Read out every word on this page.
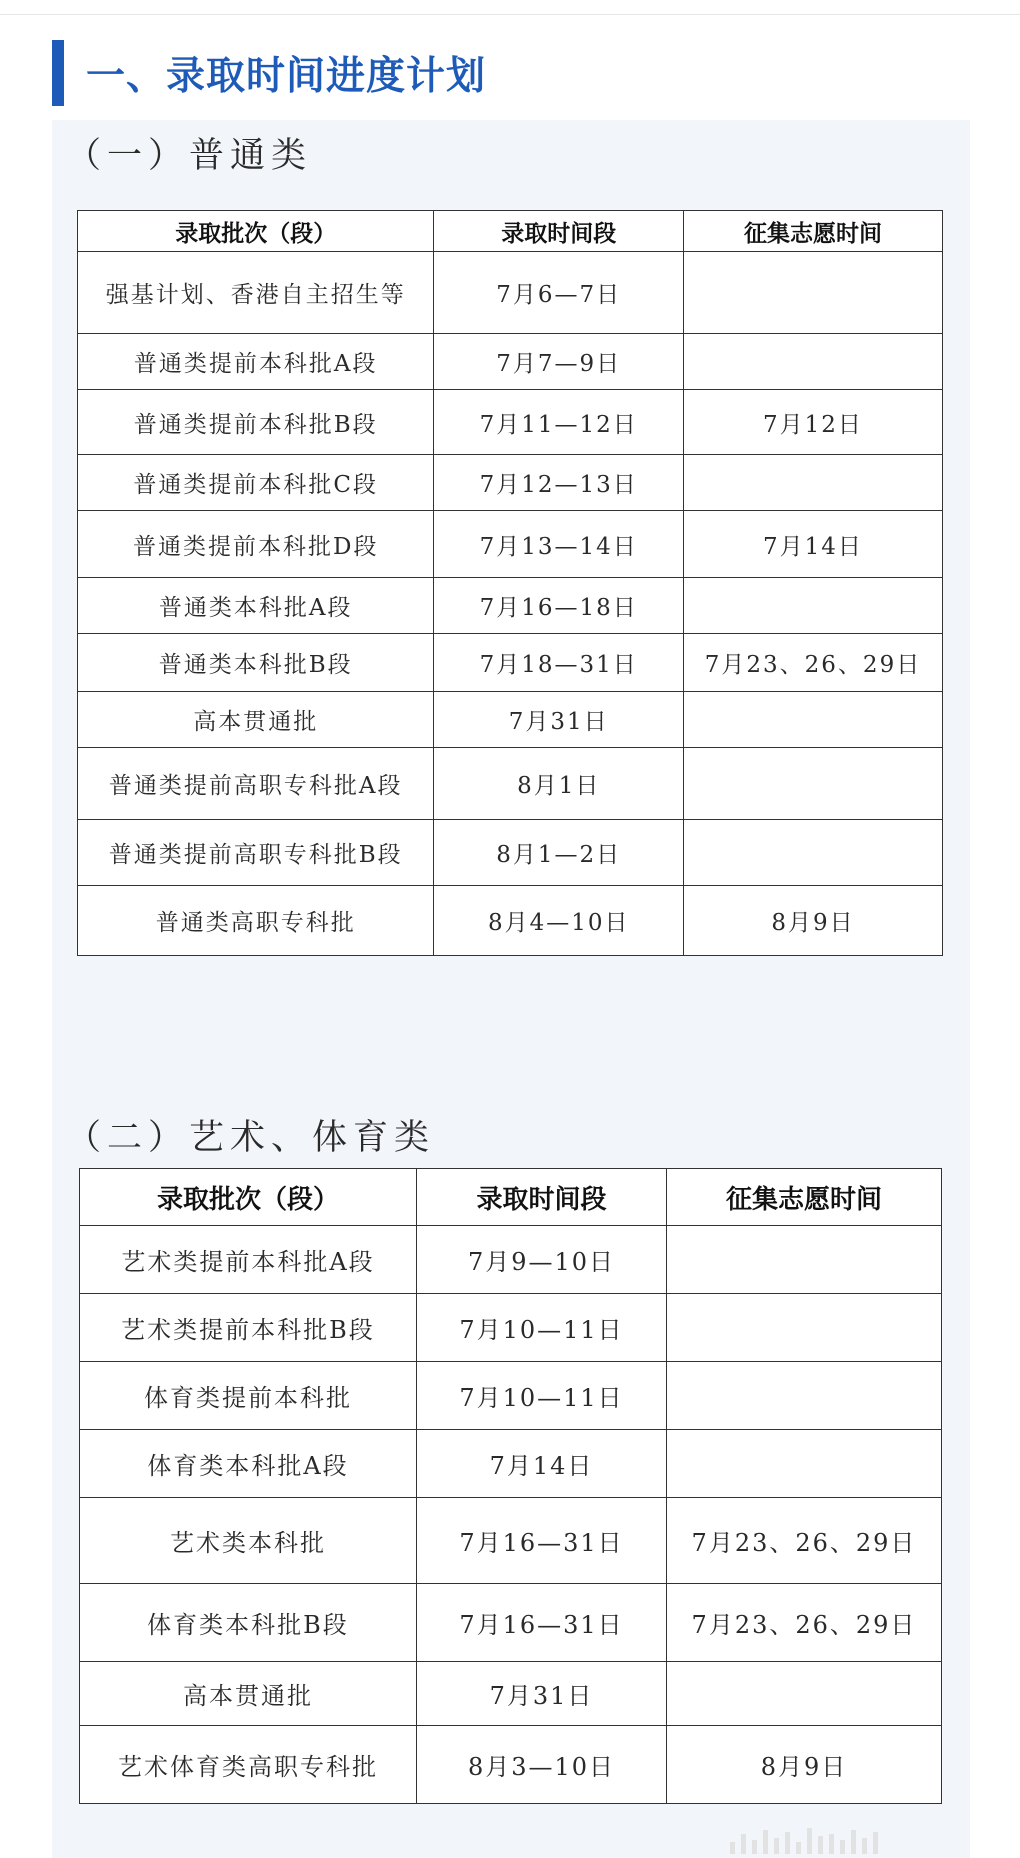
一、录取时间进度计划
（一）普通类
录取批次（段）	录取时间段	征集志愿时间
强基计划、香港自主招生等	7月6—7日	
普通类提前本科批A段	7月7—9日	
普通类提前本科批B段	7月11—12日	7月12日
普通类提前本科批C段	7月12—13日	
普通类提前本科批D段	7月13—14日	7月14日
普通类本科批A段	7月16—18日	
普通类本科批B段	7月18—31日	7月23、26、29日
高本贯通批	7月31日	
普通类提前高职专科批A段	8月1日	
普通类提前高职专科批B段	8月1—2日	
普通类高职专科批	8月4—10日	8月9日
（二）艺术、体育类
录取批次（段）	录取时间段	征集志愿时间
艺术类提前本科批A段	7月9—10日	
艺术类提前本科批B段	7月10—11日	
体育类提前本科批	7月10—11日	
体育类本科批A段	7月14日	
艺术类本科批	7月16—31日	7月23、26、29日
体育类本科批B段	7月16—31日	7月23、26、29日
高本贯通批	7月31日	
艺术体育类高职专科批	8月3—10日	8月9日
